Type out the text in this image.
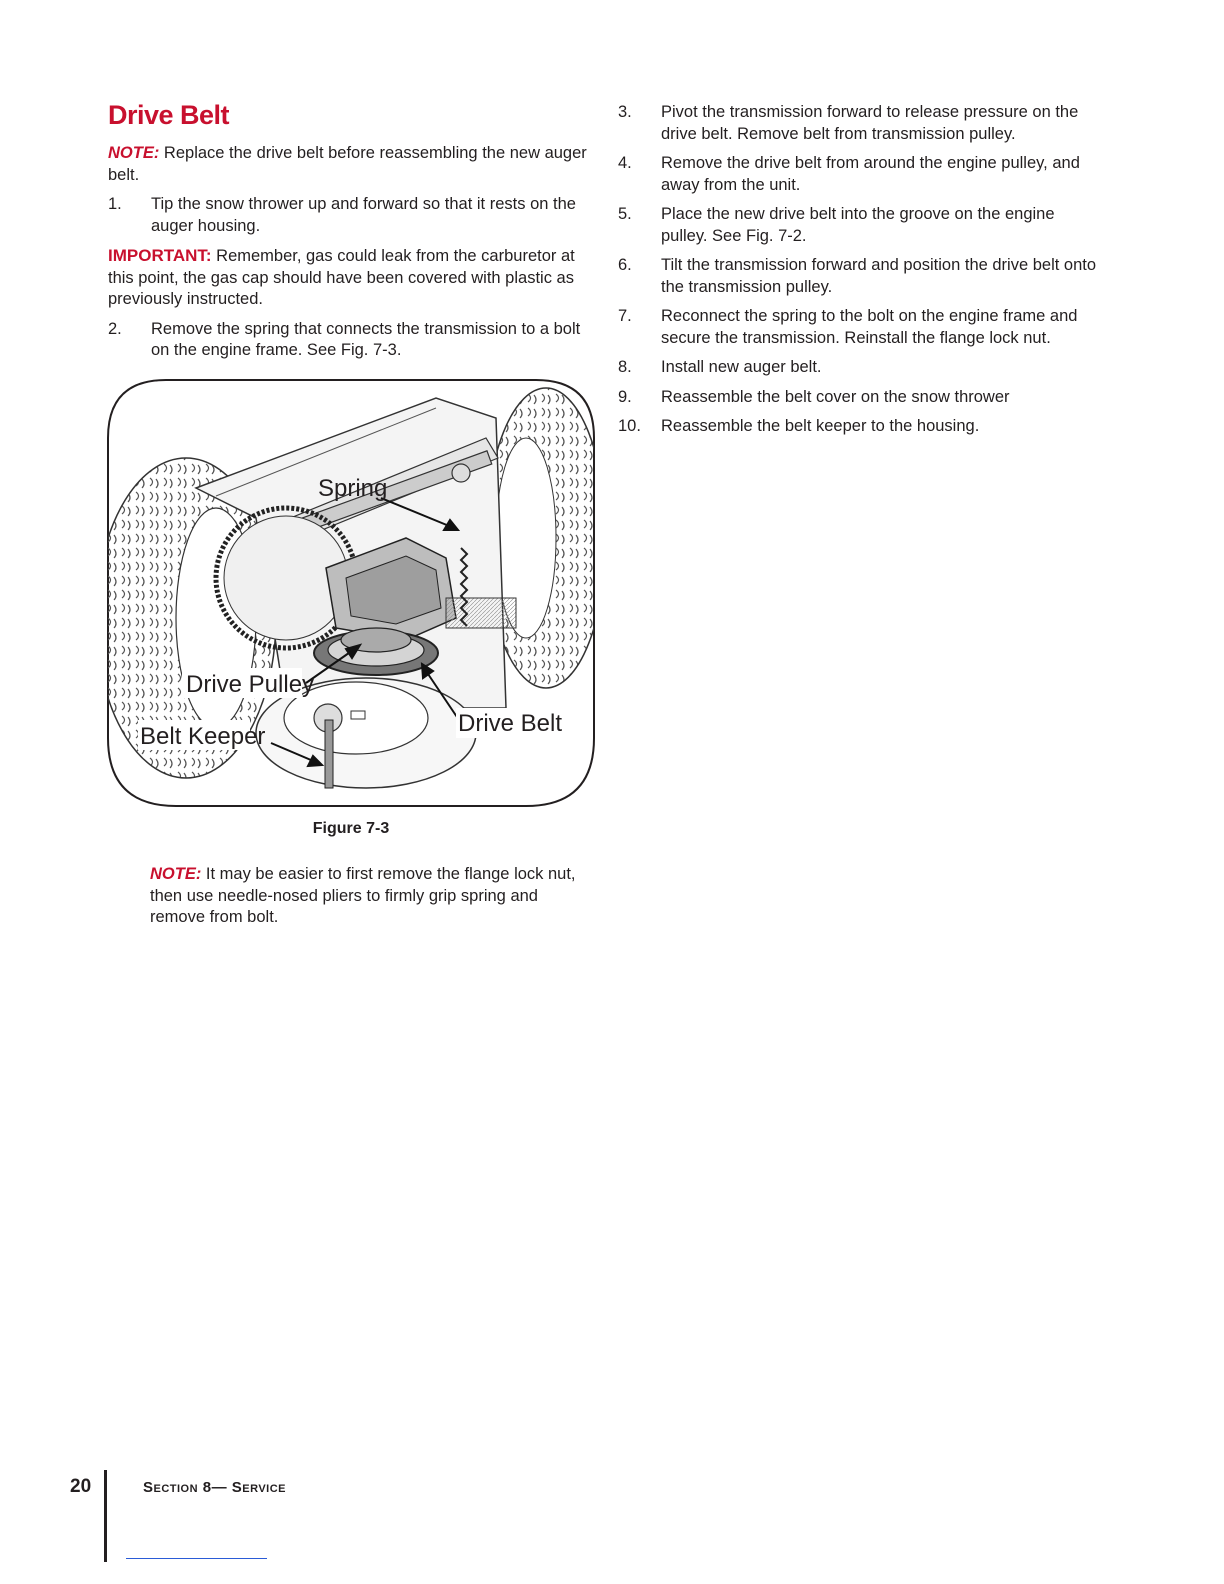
Drive Belt

NOTE: Replace the drive belt before reassembling the new auger belt.

1.	Tip the snow thrower up and forward so that it rests on the auger housing.

IMPORTANT: Remember, gas could leak from the carburetor at this point, the gas cap should have been covered with plastic as previously instructed.

2.	Remove the spring that connects the transmission to a bolt on the engine frame. See Fig. 7-3.
Spring
Drive Pulley
Belt Keeper	Drive Belt
Figure 7-3

NOTE: It may be easier to first remove the flange lock nut, then use needle-nosed pliers to firmly grip spring and remove from bolt.

3.	Pivot the transmission forward to release pressure on the drive belt. Remove belt from transmission pulley.
4.	Remove the drive belt from around the engine pulley, and away from the unit.
5.	Place the new drive belt into the groove on the engine pulley. See Fig. 7-2.
6.	Tilt the transmission forward and position the drive belt onto the transmission pulley.
7.	Reconnect the spring to the bolt on the engine frame and secure the transmission. Reinstall the flange lock nut.
8.	Install new auger belt.
9.	Reassemble the belt cover on the snow thrower
10.	Reassemble the belt keeper to the housing.
20	Section 8— Service
